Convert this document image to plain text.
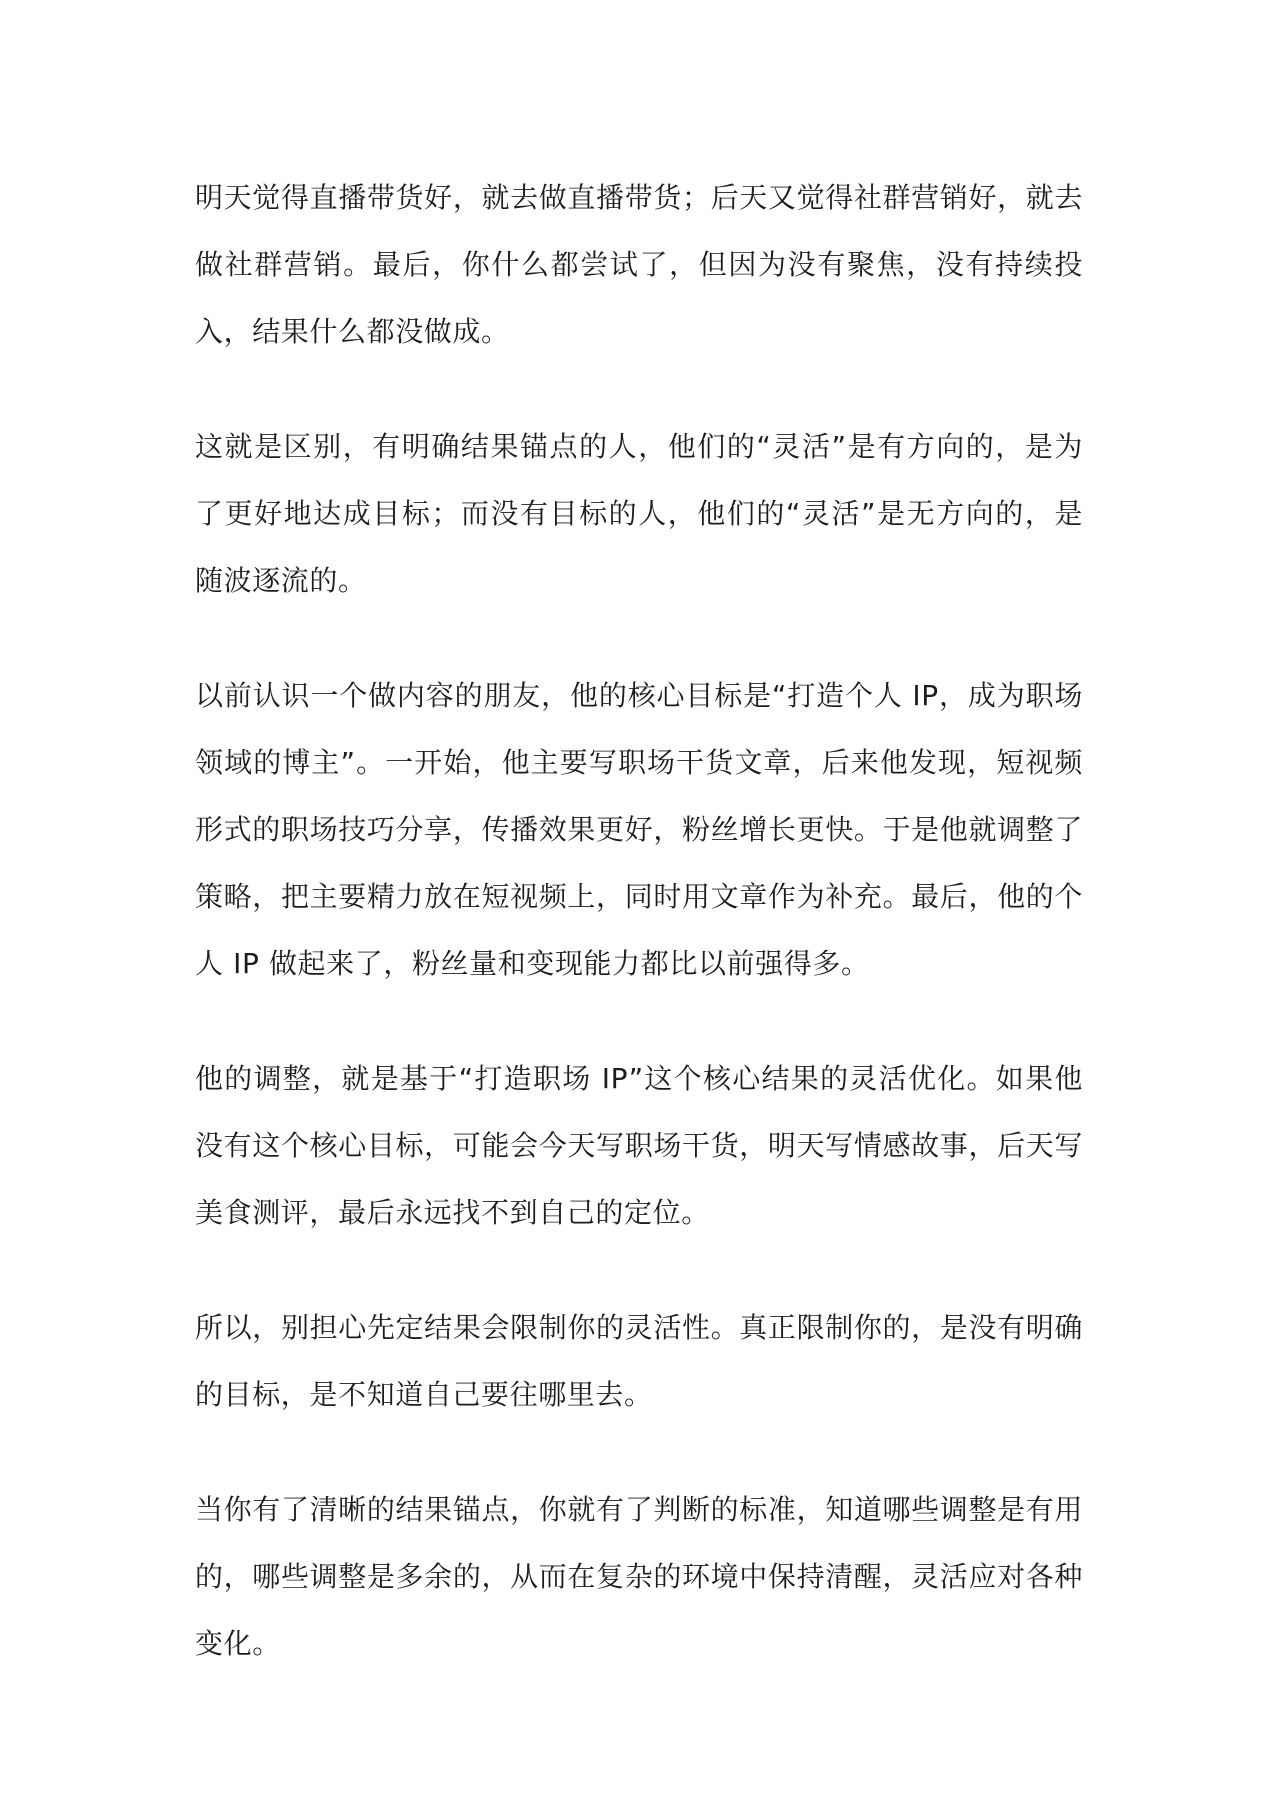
明天觉得直播带货好，就去做直播带货；后天又觉得社群营销好，就去做社群营销。最后，你什么都尝试了，但因为没有聚焦，没有持续投入，结果什么都没做成。

这就是区别，有明确结果锚点的人，他们的“灵活”是有方向的，是为了更好地达成目标；而没有目标的人，他们的“灵活”是无方向的，是随波逐流的。

以前认识一个做内容的朋友，他的核心目标是“打造个人 IP，成为职场领域的博主”。一开始，他主要写职场干货文章，后来他发现，短视频形式的职场技巧分享，传播效果更好，粉丝增长更快。于是他就调整了策略，把主要精力放在短视频上，同时用文章作为补充。最后，他的个人 IP 做起来了，粉丝量和变现能力都比以前强得多。

他的调整，就是基于“打造职场 IP”这个核心结果的灵活优化。如果他没有这个核心目标，可能会今天写职场干货，明天写情感故事，后天写美食测评，最后永远找不到自己的定位。

所以，别担心先定结果会限制你的灵活性。真正限制你的，是没有明确的目标，是不知道自己要往哪里去。

当你有了清晰的结果锚点，你就有了判断的标准，知道哪些调整是有用的，哪些调整是多余的，从而在复杂的环境中保持清醒，灵活应对各种变化。
